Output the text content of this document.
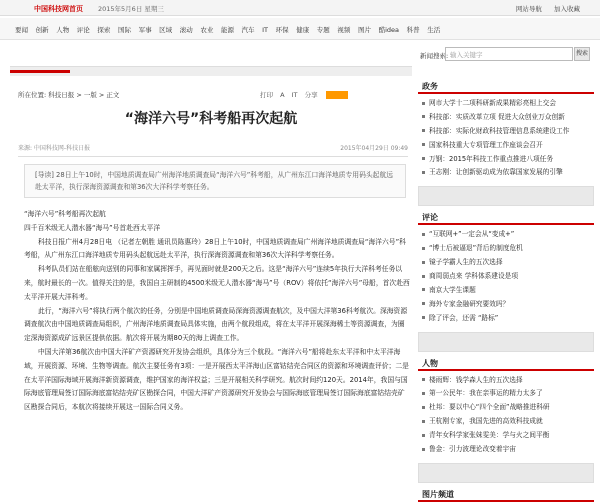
中国科技网首页 2015年5月6日 星期三	网站导航 加入收藏
要闻 创新 人物 评论 探索 国际 军事 区域 滚动 农业 能源 汽车 IT 环保 健康 专题 视频 图片 酷idea 科普 生活
新闻搜索: 输入关键字	搜索
所在位置: 科技日报 > 一版 > 正文	打印 A IT 分享
“海洋六号”科考船再次起航
来源: 中国科技网-科技日报	2015年04月29日 09:49
[导读] 28日上午10时，中国地质调查局广州海洋地质调查局“海洋六号”科考船，从广州东江口海洋地质专用码头起航远赴太平洋，执行深海资源调查和第36次大洋科学考察任务。

“海洋六号”科考船再次起航

四千百米级无人潜水器“海马”号首赴西太平洋

科技日报广州4月28日电 （记者左朝胜 通讯员陈惠玲）28日上午10时，中国地质调查局广州海洋地质调查局“海洋六号”科考船，从广州东江口海洋地质专用码头起航远赴太平洋，执行深海资源调查和第36次大洋科学考察任务。

科考队员们站在船舷向送别的同事和家属挥挥手，再见面时就是200天之后。这是“海洋六号”连续5年执行大洋科考任务以来，航时最长的一次。值得关注的是，我国自主研制的4500米级无人潜水器“海马”号（ROV）将依托“海洋六号”母船，首次赴西太平洋开展大洋科考。

此行，“海洋六号”将执行两个航次的任务，分别是中国地质调查局深海资源调查航次，及中国大洋第36科考航次。深海资源调查航次由中国地质调查局组织，广州海洋地质调查局具体实施，由两个航段组成，将在太平洋开展深海稀土等资源调查，为圈定深海资源成矿远景区提供依据。航次将开展为期80天的海上调查工作。

中国大洋第36航次由中国大洋矿产资源研究开发协会组织，具体分为三个航段。“海洋六号”船将赴东太平洋和中太平洋海域，开展资源、环境、生物等调查。航次主要任务有3项：一是开展西太平洋海山区富钴结壳合同区的资源和环境调查评价；二是在太平洋国际海域开展海洋新资源调查，维护国家的海洋权益；三是开展相关科学研究。航次时间约120天。2014年，我国与国际海底管理局签订国际海底富钴结壳矿区勘探合同，中国大洋矿产资源研究开发协会与国际海底管理局签订国际海底富钴结壳矿区勘探合同后，本航次将接续开展这一国际合同义务。

政务
网市大学十二项科研新成果精彩亮相上交会
科技部：实质改革立项 促进大众创业万众创新
科技部：实际化财政科技管理信息系统建设工作
国家科技重大专项管理工作座谈会召开
万钢：2015年科技工作重点推进八项任务
王志刚：让创新驱动成为依靠国家发展的引擎
评论
“互联网+”一定会从“变成+”
“博士后被逼退”背后的制度危机
镜子学霸人生的五次选择
商周弱点来 学科体系建设是项
南京大学生课题
海外专家金融研究要效吗？
除了评会，还需 “路标”
人物
楼雨辉：钱学森人生的五次选择
第一公民年：我在亲事运的精力太多了
杜邦：要以中心“四个全面”战略推进科研
王杭刚专家，我国先进的高效科技成就
青年女科学家张妹雯美：学与火之间平衡
鲁金：引力波理论改变着宇宙
图片频道
